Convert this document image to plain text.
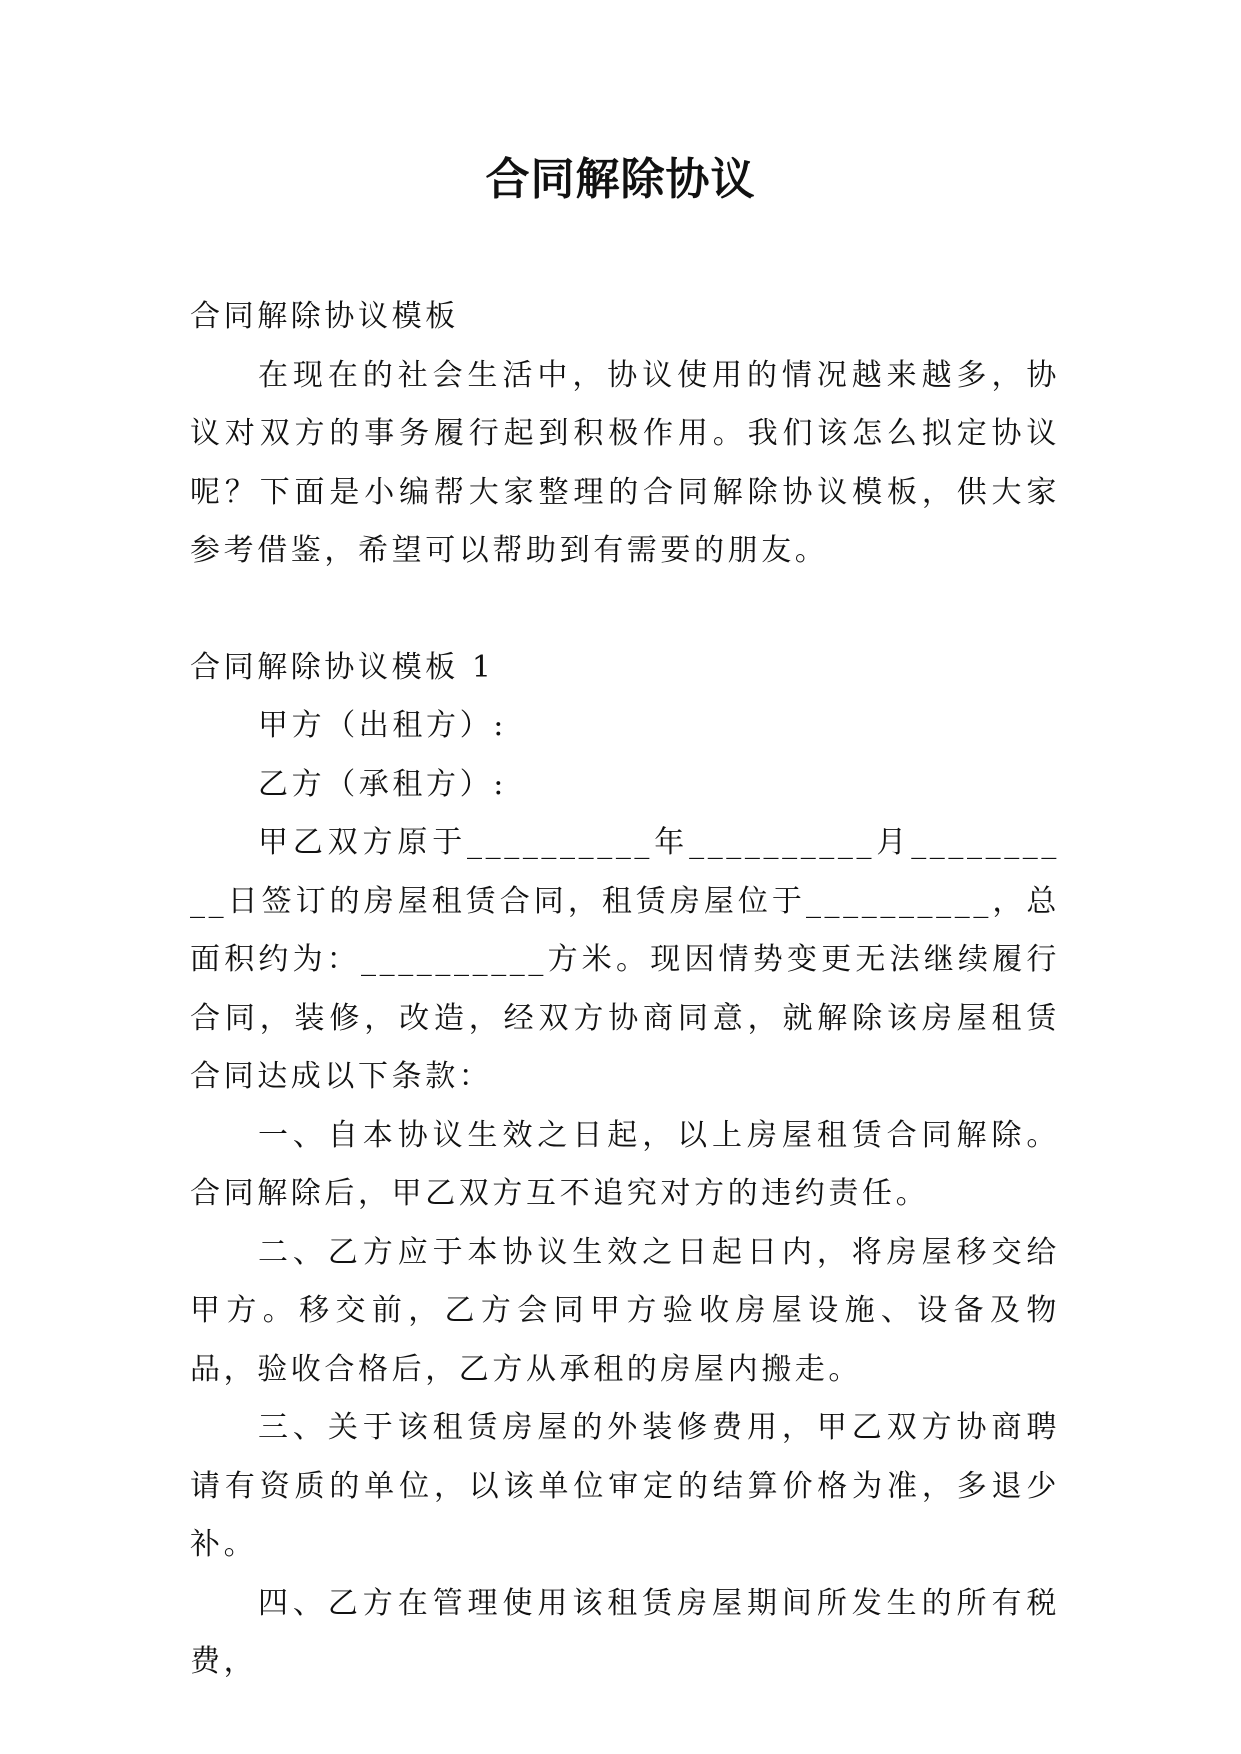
合同解除协议

合同解除协议模板

在现在的社会生活中，协议使用的情况越来越多，协议对双方的事务履行起到积极作用。我们该怎么拟定协议呢？下面是小编帮大家整理的合同解除协议模板，供大家参考借鉴，希望可以帮助到有需要的朋友。

合同解除协议模板 1

甲方（出租方）:

乙方（承租方）:

甲乙双方原于__________年__________月__________日签订的房屋租赁合同，租赁房屋位于__________，总面积约为：__________方米。现因情势变更无法继续履行合同，装修，改造，经双方协商同意，就解除该房屋租赁合同达成以下条款：

一、自本协议生效之日起，以上房屋租赁合同解除。合同解除后，甲乙双方互不追究对方的违约责任。

二、乙方应于本协议生效之日起日内，将房屋移交给甲方。移交前，乙方会同甲方验收房屋设施、设备及物品，验收合格后，乙方从承租的房屋内搬走。

三、关于该租赁房屋的外装修费用，甲乙双方协商聘请有资质的单位，以该单位审定的结算价格为准，多退少补。

四、乙方在管理使用该租赁房屋期间所发生的所有税费，
